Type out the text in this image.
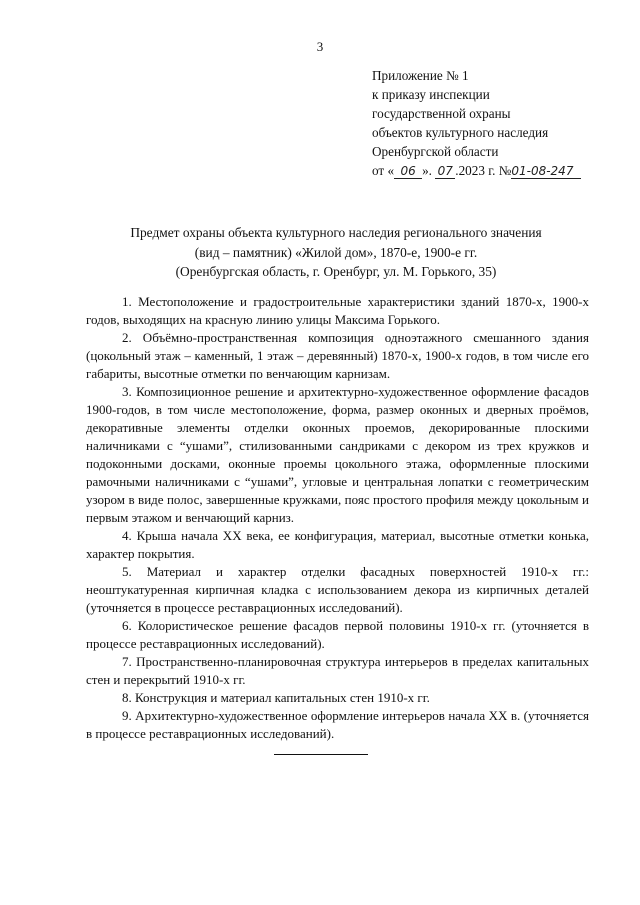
3
Приложение № 1
к приказу инспекции
государственной охраны
объектов культурного наследия
Оренбургской области
от « 06 ». 07 .2023 г. №01-08-247
Предмет охраны объекта культурного наследия регионального значения
(вид – памятник) «Жилой дом», 1870-е, 1900-е гг.
(Оренбургская область, г. Оренбург, ул. М. Горького, 35)

1. Местоположение и градостроительные характеристики зданий 1870-х, 1900-х годов, выходящих на красную линию улицы Максима Горького.

2. Объёмно-пространственная композиция одноэтажного смешанного здания (цокольный этаж – каменный, 1 этаж – деревянный) 1870-х, 1900-х годов, в том числе его габариты, высотные отметки по венчающим карнизам.

3. Композиционное решение и архитектурно-художественное оформление фасадов 1900-годов, в том числе местоположение, форма, размер оконных и дверных проёмов, декоративные элементы отделки оконных проемов, декорированные плоскими наличниками с “ушами”, стилизованными сандриками с декором из трех кружков и подоконными досками, оконные проемы цокольного этажа, оформленные плоскими рамочными наличниками с “ушами”, угловые и центральная лопатки с геометрическим узором в виде полос, завершенные кружками, пояс простого профиля между цокольным и первым этажом и венчающий карниз.

4. Крыша начала XX века, ее конфигурация, материал, высотные отметки конька, характер покрытия.

5. Материал и характер отделки фасадных поверхностей 1910-х гг.: неоштукатуренная кирпичная кладка с использованием декора из кирпичных деталей (уточняется в процессе реставрационных исследований).

6. Колористическое решение фасадов первой половины 1910-х гг. (уточняется в процессе реставрационных исследований).

7. Пространственно-планировочная структура интерьеров в пределах капитальных стен и перекрытий 1910-х гг.

8. Конструкция и материал капитальных стен 1910-х гг.

9. Архитектурно-художественное оформление интерьеров начала XX в. (уточняется в процессе реставрационных исследований).
